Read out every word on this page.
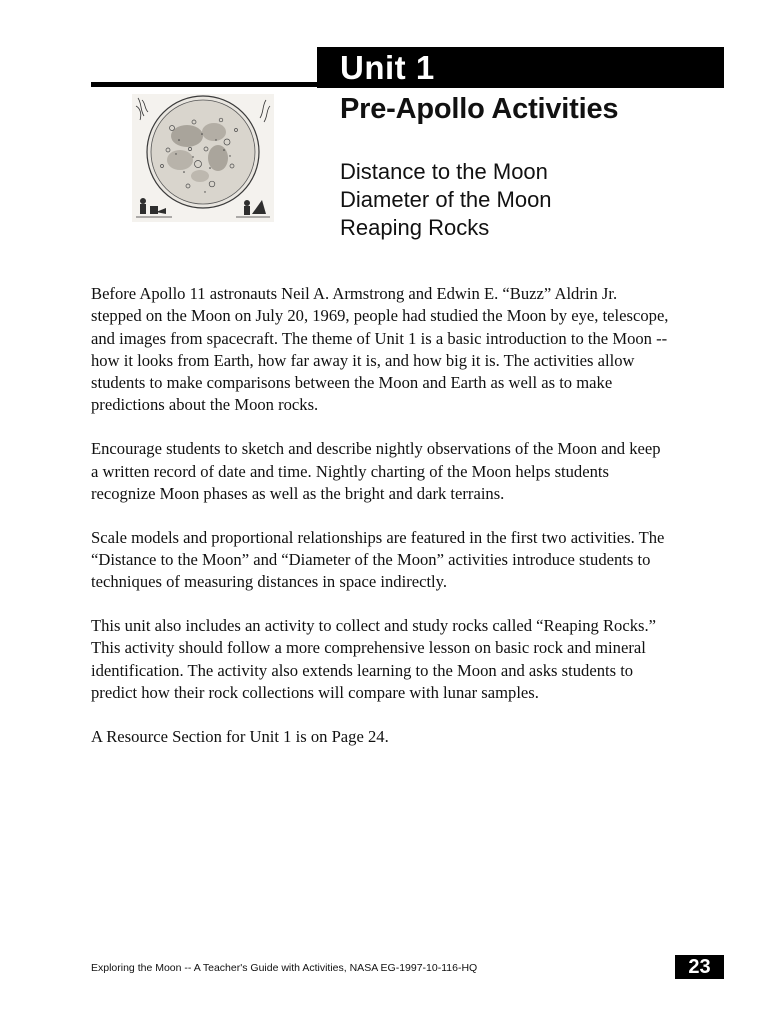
Unit 1
Pre-Apollo Activities
Distance to the Moon
Diameter of the Moon
Reaping Rocks

Before Apollo 11 astronauts Neil A. Armstrong and Edwin E. “Buzz” Aldrin Jr. stepped on the Moon on July 20, 1969, people had studied the Moon by eye, telescope, and images from spacecraft. The theme of Unit 1 is a basic introduction to the Moon -- how it looks from Earth, how far away it is, and how big it is. The activities allow students to make comparisons between the Moon and Earth as well as to make predictions about the Moon rocks.

Encourage students to sketch and describe nightly observations of the Moon and keep a written record of date and time. Nightly charting of the Moon helps students recognize Moon phases as well as the bright and dark terrains.

Scale models and proportional relationships are featured in the first two activities. The “Distance to the Moon” and “Diameter of the Moon” activities introduce students to techniques of measuring distances in space indirectly.

This unit also includes an activity to collect and study rocks called “Reaping Rocks.” This activity should follow a more comprehensive lesson on basic rock and mineral identification. The activity also extends learning to the Moon and asks students to predict how their rock collections will compare with lunar samples.

A Resource Section for Unit 1 is on Page 24.

Exploring the Moon -- A Teacher's Guide with Activities, NASA EG-1997-10-116-HQ	23
